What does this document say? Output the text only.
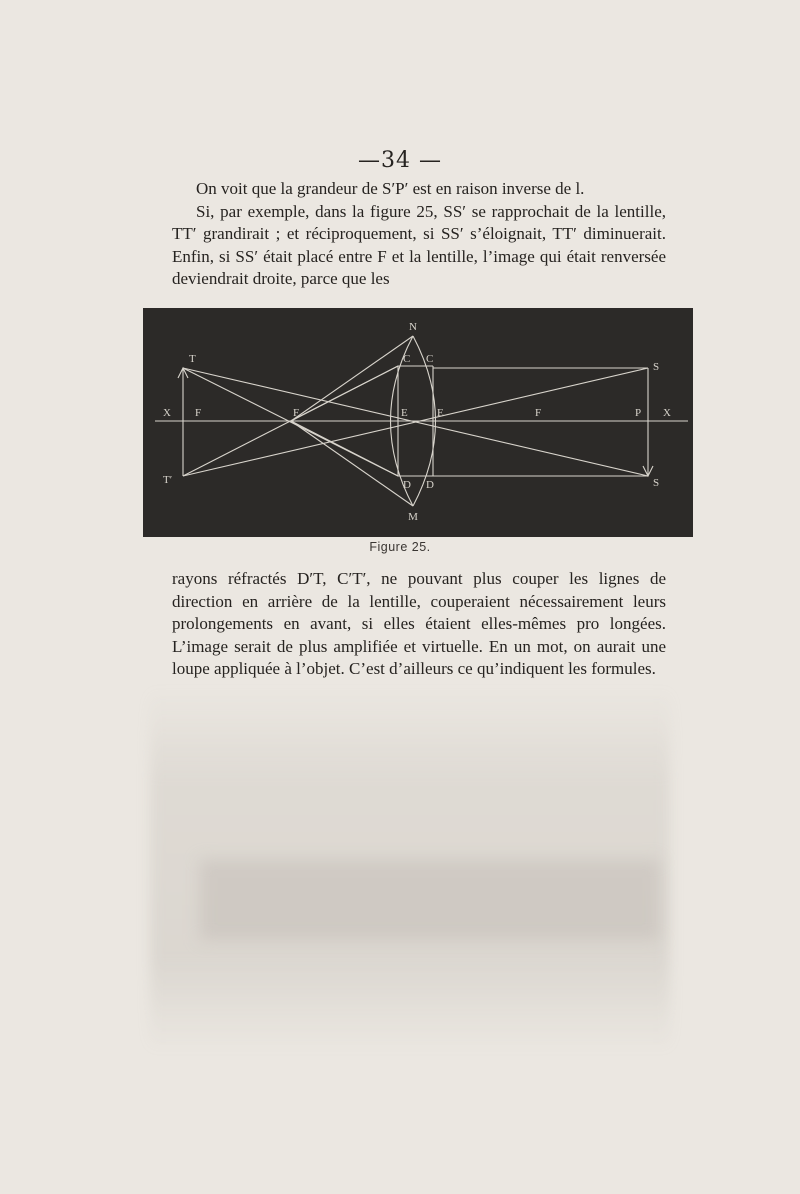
—34 —

On voit que la grandeur de S′P′ est en raison inverse de l.

Si, par exemple, dans la figure 25, SS′ se rapprochait de la lentille, TT′ grandirait ; et réciproquement, si SS′ s’éloignait, TT′ diminuerait. Enfin, si SS′ était placé entre F et la lentille, l’image qui était renversée deviendrait droite, parce que les

N
M
C
C
D
D
E	E
F	F	F	P
X	X
T
T′
S
S
Figure 25.

rayons réfractés D′T, C′T′, ne pouvant plus couper les lignes de direction en arrière de la lentille, couperaient nécessairement leurs prolongements en avant, si elles étaient elles-mêmes pro longées. L’image serait de plus amplifiée et virtuelle. En un mot, on aurait une loupe appliquée à l’objet. C’est d’ailleurs ce qu’indiquent les formules.
